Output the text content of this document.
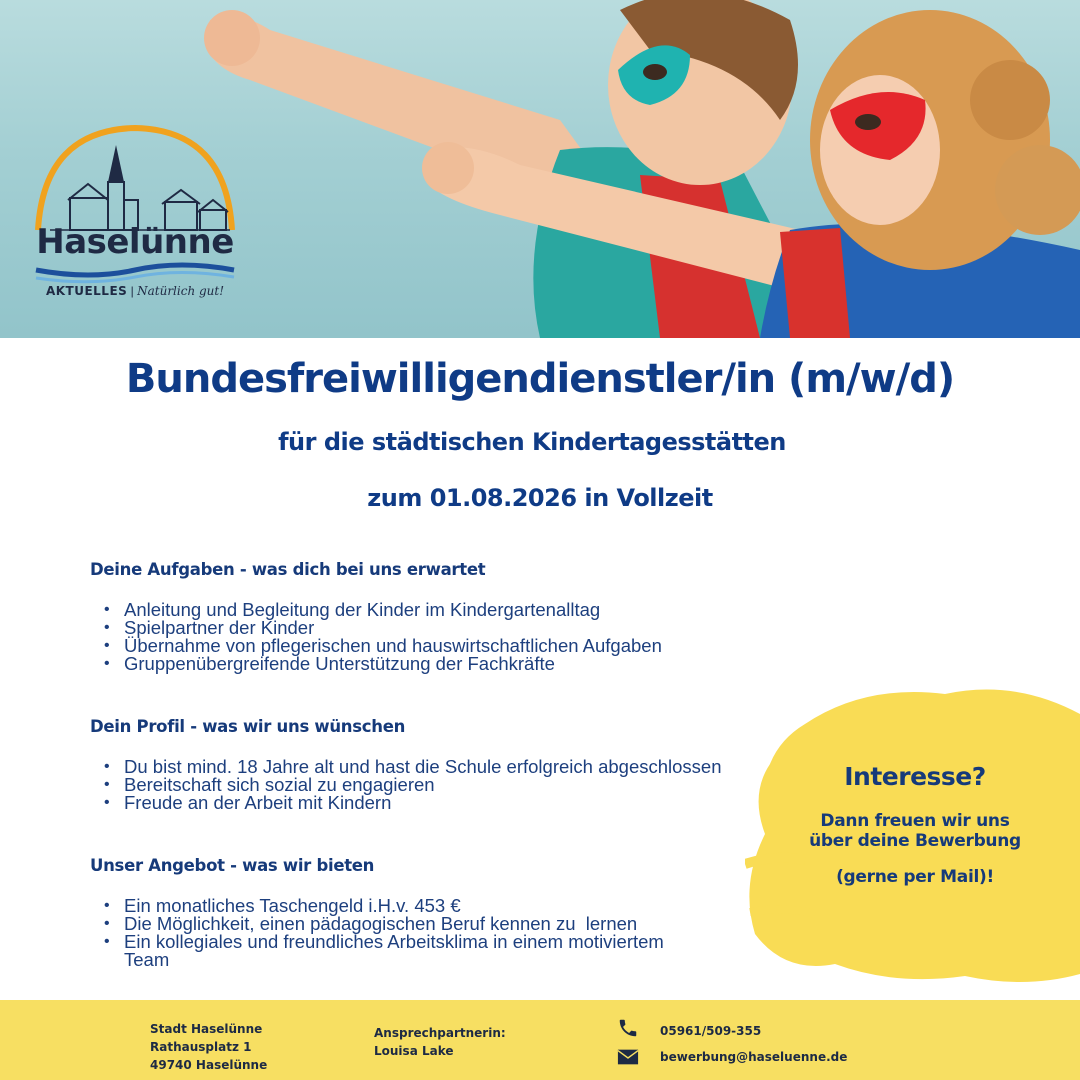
Haselünne
AKTUELLES | Natürlich gut!
Bundesfreiwilligendienstler/in (m/w/d)
für die städtischen Kindertagesstätten
zum 01.08.2026 in Vollzeit
Deine Aufgaben - was dich bei uns erwartet
• Anleitung und Begleitung der Kinder im Kindergartenalltag
• Spielpartner der Kinder
• Übernahme von pflegerischen und hauswirtschaftlichen Aufgaben
• Gruppenübergreifende Unterstützung der Fachkräfte
Dein Profil - was wir uns wünschen
• Du bist mind. 18 Jahre alt und hast die Schule erfolgreich abgeschlossen
• Bereitschaft sich sozial zu engagieren
• Freude an der Arbeit mit Kindern
Unser Angebot - was wir bieten
• Ein monatliches Taschengeld i.H.v. 453 €
• Die Möglichkeit, einen pädagogischen Beruf kennen zu  lernen
• Ein kollegiales und freundliches Arbeitsklima in einem motiviertem Team
Interesse?
Dann freuen wir uns
über deine Bewerbung
(gerne per Mail)!
Stadt Haselünne
Rathausplatz 1
49740 Haselünne
Ansprechpartnerin:
Louisa Lake
05961/509-355
bewerbung@haseluenne.de
